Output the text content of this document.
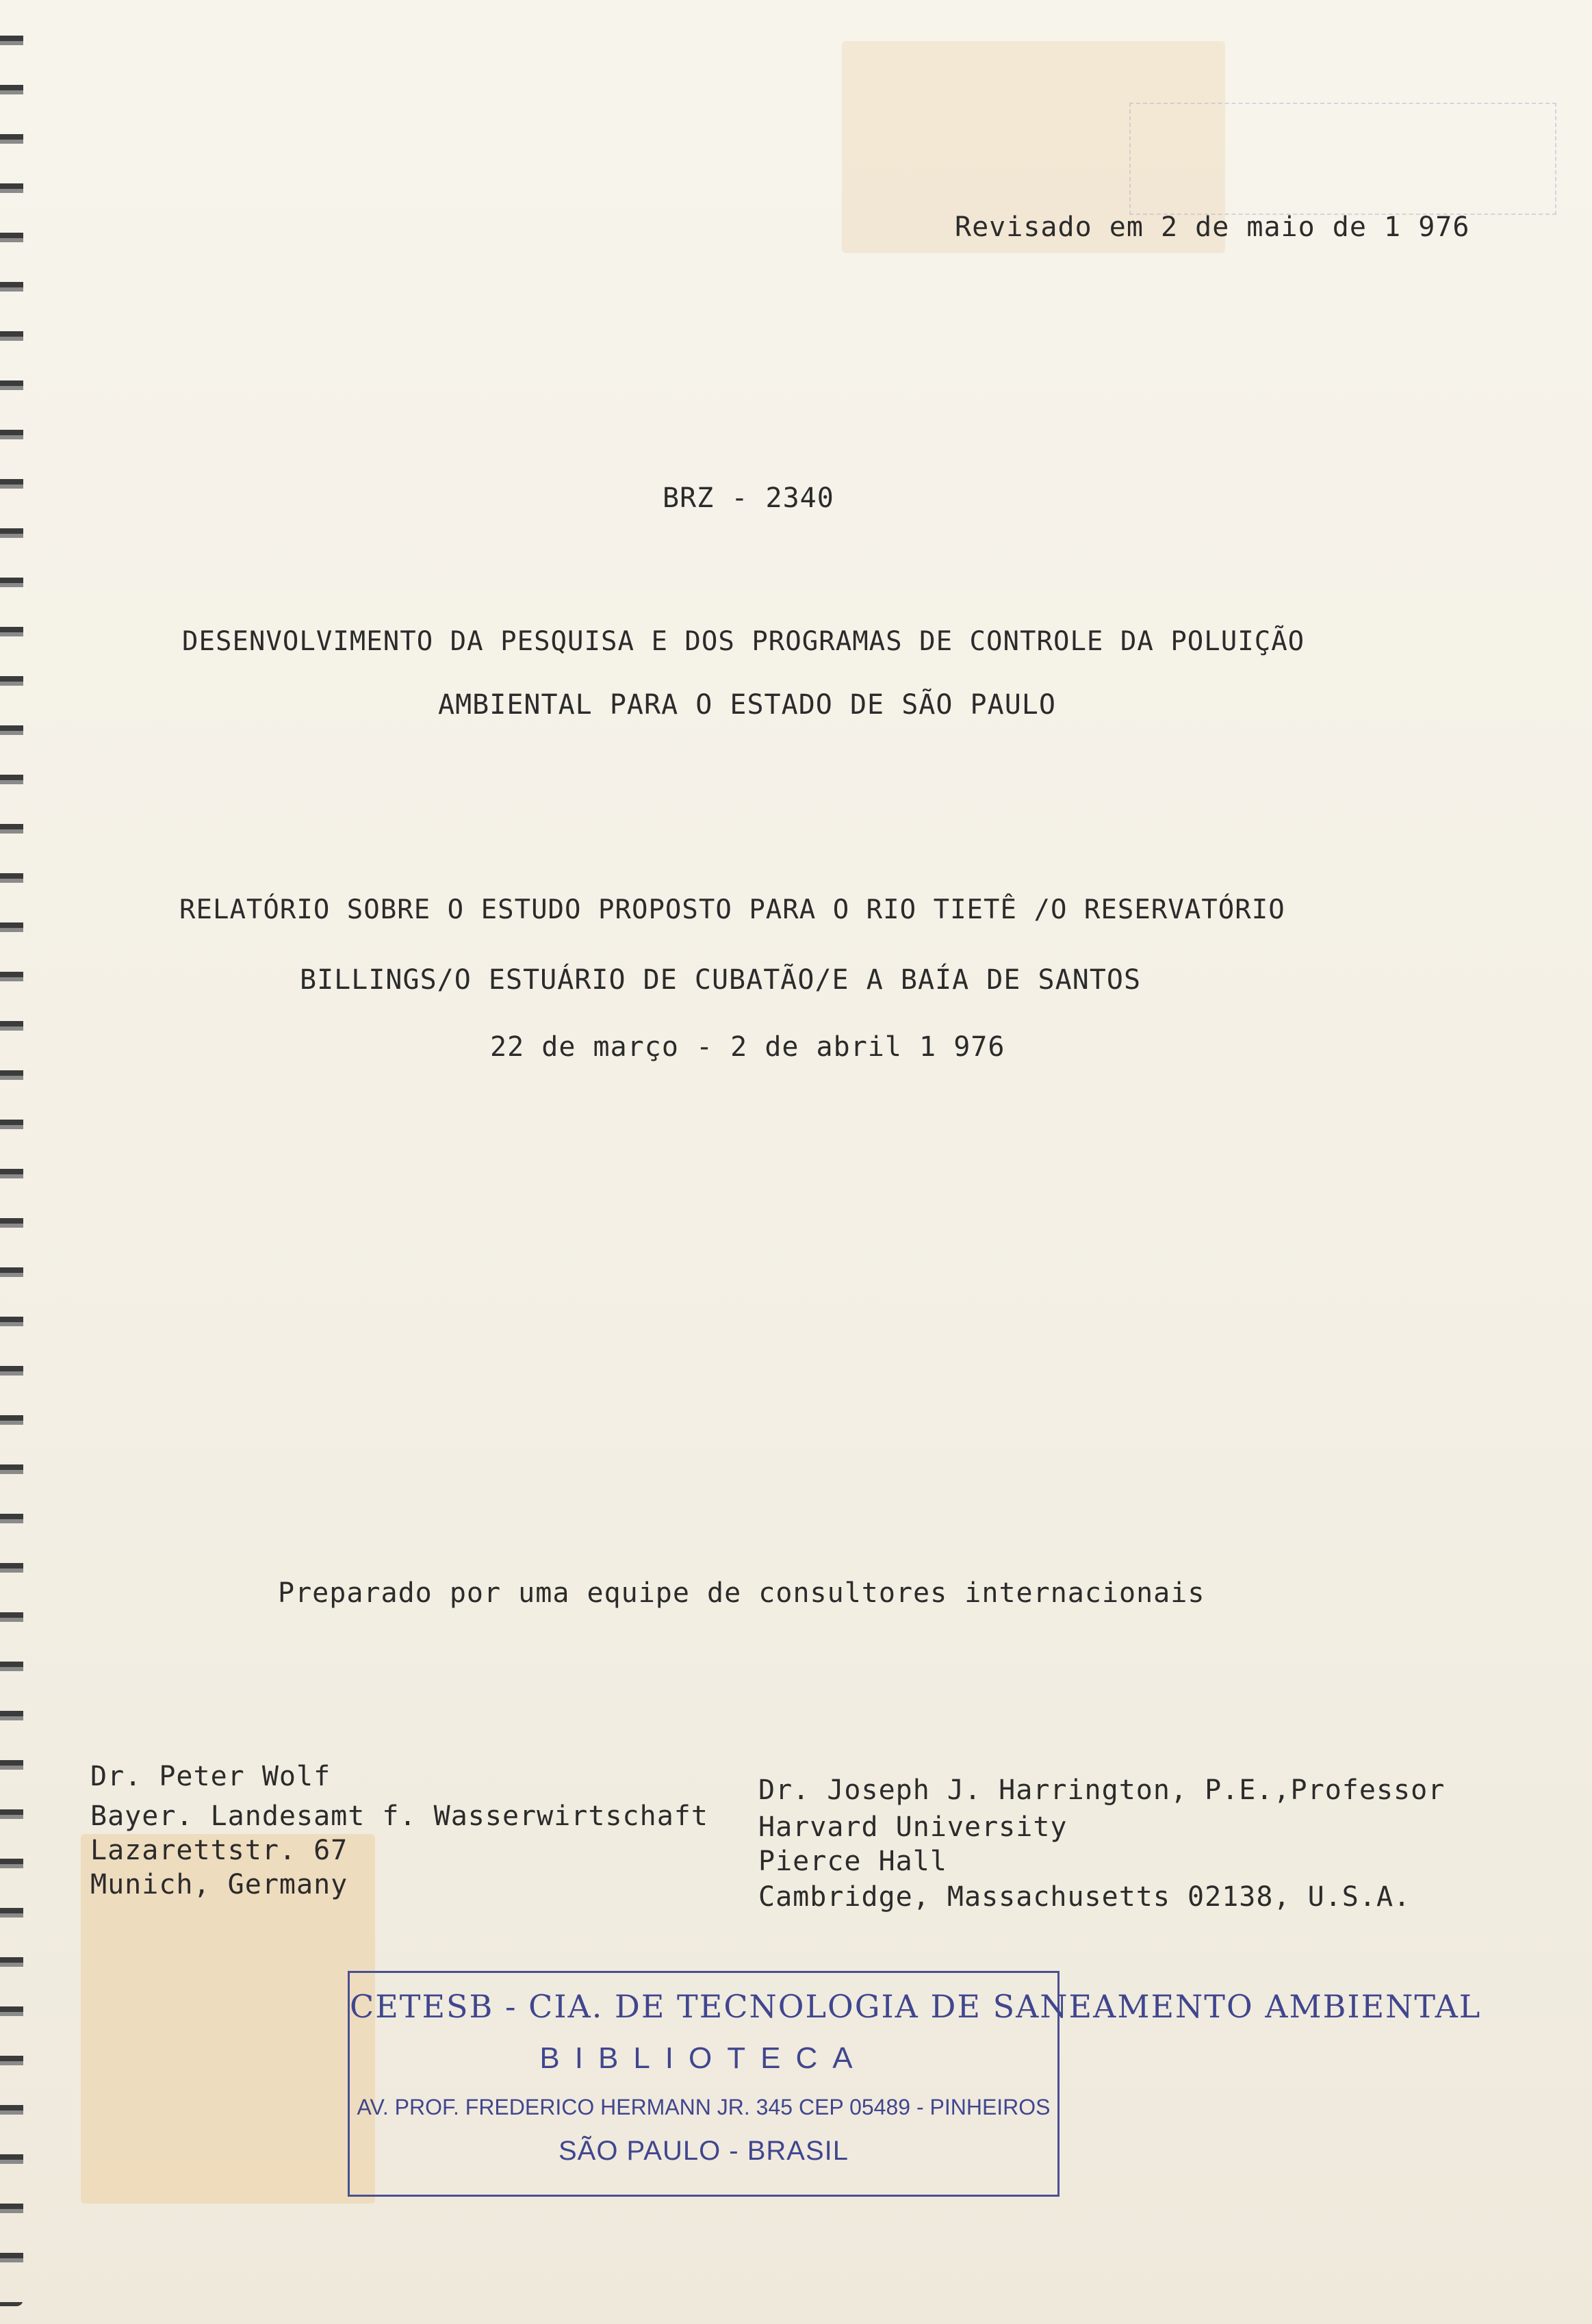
Revisado em 2 de maio de 1 976
BRZ - 2340
DESENVOLVIMENTO DA PESQUISA E DOS PROGRAMAS DE CONTROLE DA POLUIÇÃO
AMBIENTAL PARA O ESTADO DE SÃO PAULO
RELATÓRIO SOBRE O ESTUDO PROPOSTO PARA O RIO TIETÊ /O RESERVATÓRIO
BILLINGS/O ESTUÁRIO DE CUBATÃO/E A BAÍA DE SANTOS
22 de março - 2 de abril 1 976
Preparado por uma equipe de consultores internacionais
Dr. Peter Wolf
Bayer. Landesamt f. Wasserwirtschaft
Lazarettstr. 67
Munich, Germany
Dr. Joseph J. Harrington, P.E.,Professor
Harvard University
Pierce Hall
Cambridge, Massachusetts 02138, U.S.A.
CETESB - CIA. DE TECNOLOGIA DE SANEAMENTO AMBIENTAL
BIBLIOTECA
AV. PROF. FREDERICO HERMANN JR. 345 CEP 05489 - PINHEIROS
SÃO PAULO - BRASIL
